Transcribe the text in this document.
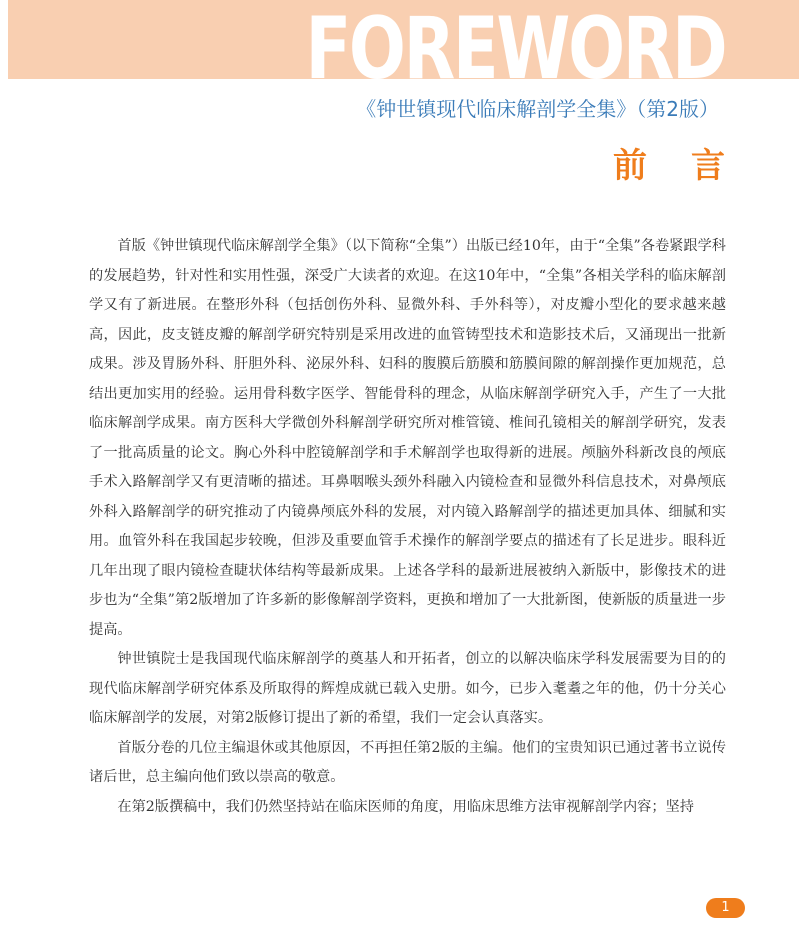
FOREWORD
《钟世镇现代临床解剖学全集》（第2版）
前言

首版《钟世镇现代临床解剖学全集》（以下简称“全集”）出版已经10年，由于“全集”各卷紧跟学科的发展趋势，针对性和实用性强，深受广大读者的欢迎。在这10年中，“全集”各相关学科的临床解剖学又有了新进展。在整形外科（包括创伤外科、显微外科、手外科等），对皮瓣小型化的要求越来越高，因此，皮支链皮瓣的解剖学研究特别是采用改进的血管铸型技术和造影技术后，又涌现出一批新成果。涉及胃肠外科、肝胆外科、泌尿外科、妇科的腹膜后筋膜和筋膜间隙的解剖操作更加规范，总结出更加实用的经验。运用骨科数字医学、智能骨科的理念，从临床解剖学研究入手，产生了一大批临床解剖学成果。南方医科大学微创外科解剖学研究所对椎管镜、椎间孔镜相关的解剖学研究，发表了一批高质量的论文。胸心外科中腔镜解剖学和手术解剖学也取得新的进展。颅脑外科新改良的颅底手术入路解剖学又有更清晰的描述。耳鼻咽喉头颈外科融入内镜检查和显微外科信息技术，对鼻颅底外科入路解剖学的研究推动了内镜鼻颅底外科的发展，对内镜入路解剖学的描述更加具体、细腻和实用。血管外科在我国起步较晚，但涉及重要血管手术操作的解剖学要点的描述有了长足进步。眼科近几年出现了眼内镜检查睫状体结构等最新成果。上述各学科的最新进展被纳入新版中，影像技术的进步也为“全集”第2版增加了许多新的影像解剖学资料，更换和增加了一大批新图，使新版的质量进一步提高。

钟世镇院士是我国现代临床解剖学的奠基人和开拓者，创立的以解决临床学科发展需要为目的的现代临床解剖学研究体系及所取得的辉煌成就已载入史册。如今，已步入耄耋之年的他，仍十分关心临床解剖学的发展，对第2版修订提出了新的希望，我们一定会认真落实。

首版分卷的几位主编退休或其他原因，不再担任第2版的主编。他们的宝贵知识已通过著书立说传诸后世，总主编向他们致以崇高的敬意。

在第2版撰稿中，我们仍然坚持站在临床医师的角度，用临床思维方法审视解剖学内容；坚持

1
